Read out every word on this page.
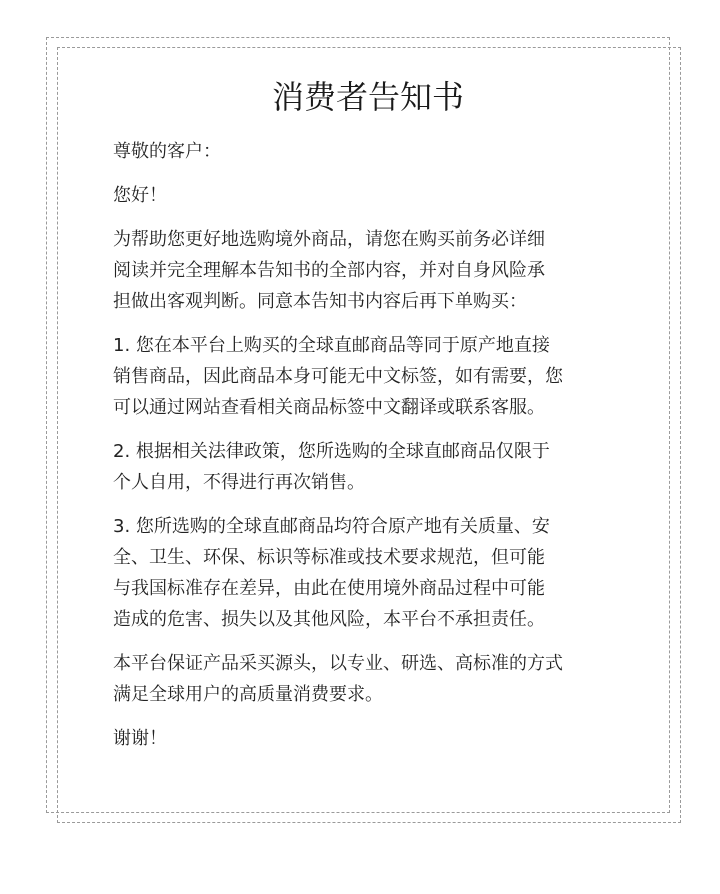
消费者告知书

尊敬的客户：

您好！

为帮助您更好地选购境外商品，请您在购买前务必详细
阅读并完全理解本告知书的全部内容，并对自身风险承
担做出客观判断。同意本告知书内容后再下单购买：

1. 您在本平台上购买的全球直邮商品等同于原产地直接
销售商品，因此商品本身可能无中文标签，如有需要，您
可以通过网站查看相关商品标签中文翻译或联系客服。

2. 根据相关法律政策，您所选购的全球直邮商品仅限于
个人自用，不得进行再次销售。

3. 您所选购的全球直邮商品均符合原产地有关质量、安
全、卫生、环保、标识等标准或技术要求规范，但可能
与我国标准存在差异，由此在使用境外商品过程中可能
造成的危害、损失以及其他风险，本平台不承担责任。

本平台保证产品采买源头，以专业、研选、高标准的方式
满足全球用户的高质量消费要求。

谢谢！
